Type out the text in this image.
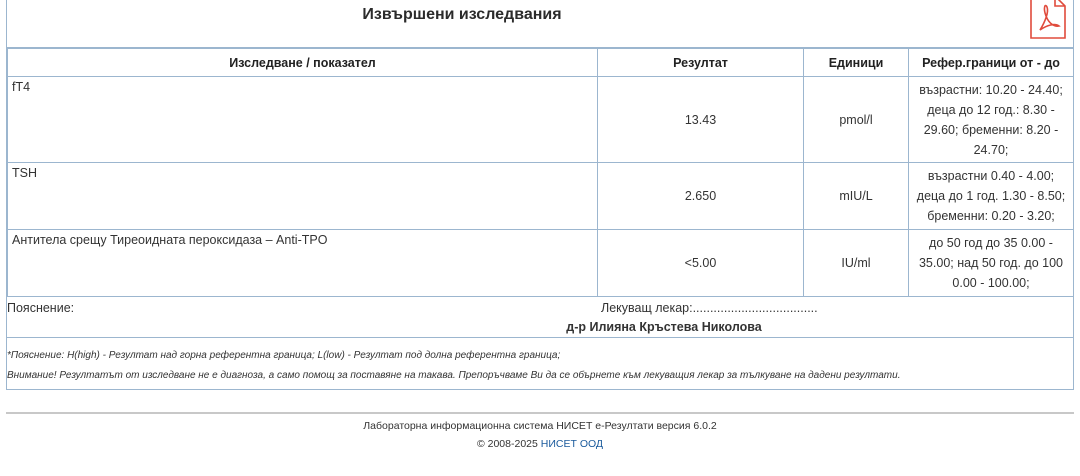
Извършени изследвания
Изследване / показател	Резултат	Единици	Рефер.граници от - до
fT4	13.43	pmol/l	възрастни: 10.20 - 24.40;
деца до 12 год.: 8.30 -
29.60; бременни: 8.20 -
24.70;

TSH	2.650	mIU/L	възрастни 0.40 - 4.00;
деца до 1 год. 1.30 - 8.50;
бременни: 0.20 - 3.20;

Антитела срещу Тиреоидната пероксидаза – Anti-TPO	<5.00	IU/ml	до 50 год до 35 0.00 -
35.00; над 50 год. до 100
0.00 - 100.00;
Пояснение:	Лекуващ лекар:....................................
д-р Илияна Кръстева Николова
*Пояснение: H(high) - Резултат над горна референтна граница; L(low) - Резултат под долна референтна граница;
Внимание! Резултатът от изследване не е диагноза, а само помощ за поставяне на такава. Препоръчваме Ви да се обърнете към лекуващия лекар за тълкуване на дадени резултати.
Лабораторна информационна система НИСЕТ е-Резултати версия 6.0.2
© 2008-2025 НИСЕТ ООД
